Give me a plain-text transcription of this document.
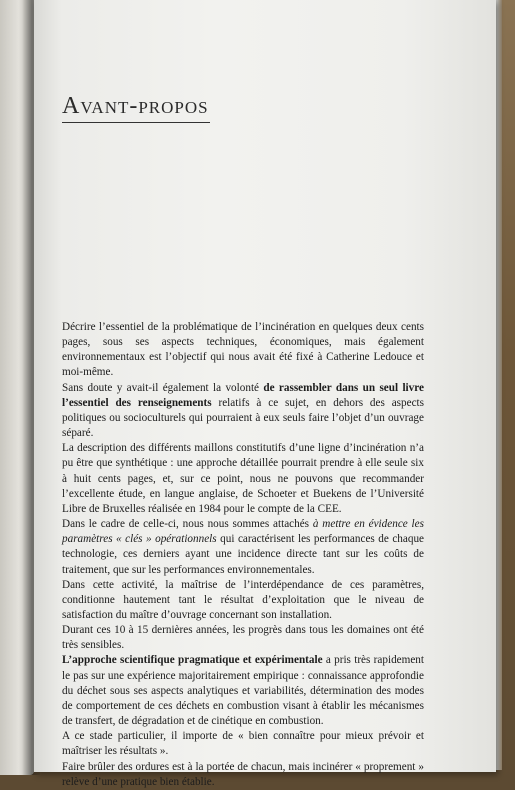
Avant-propos

Décrire l’essentiel de la problématique de l’incinération en quelques deux cents pages, sous ses aspects techniques, économiques, mais également environnementaux est l’objectif qui nous avait été fixé à Catherine Ledouce et moi-même.

Sans doute y avait-il également la volonté de rassembler dans un seul livre l’essentiel des renseignements relatifs à ce sujet, en dehors des aspects politiques ou socioculturels qui pourraient à eux seuls faire l’objet d’un ouvrage séparé.

La description des différents maillons constitutifs d’une ligne d’incinération n’a pu être que synthétique : une approche détaillée pourrait prendre à elle seule six à huit cents pages, et, sur ce point, nous ne pouvons que recommander l’excellente étude, en langue anglaise, de Schoeter et Buekens de l’Université Libre de Bruxelles réalisée en 1984 pour le compte de la CEE.

Dans le cadre de celle-ci, nous nous sommes attachés à mettre en évidence les paramètres « clés » opérationnels qui caractérisent les performances de chaque technologie, ces derniers ayant une incidence directe tant sur les coûts de traitement, que sur les performances environnementales.

Dans cette activité, la maîtrise de l’interdépendance de ces paramètres, conditionne hautement tant le résultat d’exploitation que le niveau de satisfaction du maître d’ouvrage concernant son installation.

Durant ces 10 à 15 dernières années, les progrès dans tous les domaines ont été très sensibles.

L’approche scientifique pragmatique et expérimentale a pris très rapidement le pas sur une expérience majoritairement empirique : connaissance approfondie du déchet sous ses aspects analytiques et variabilités, détermination des modes de comportement de ces déchets en combustion visant à établir les mécanismes de transfert, de dégradation et de cinétique en combustion.

A ce stade particulier, il importe de « bien connaître pour mieux prévoir et maîtriser les résultats ».

Faire brûler des ordures est à la portée de chacun, mais incinérer « proprement » relève d’une pratique bien établie.
